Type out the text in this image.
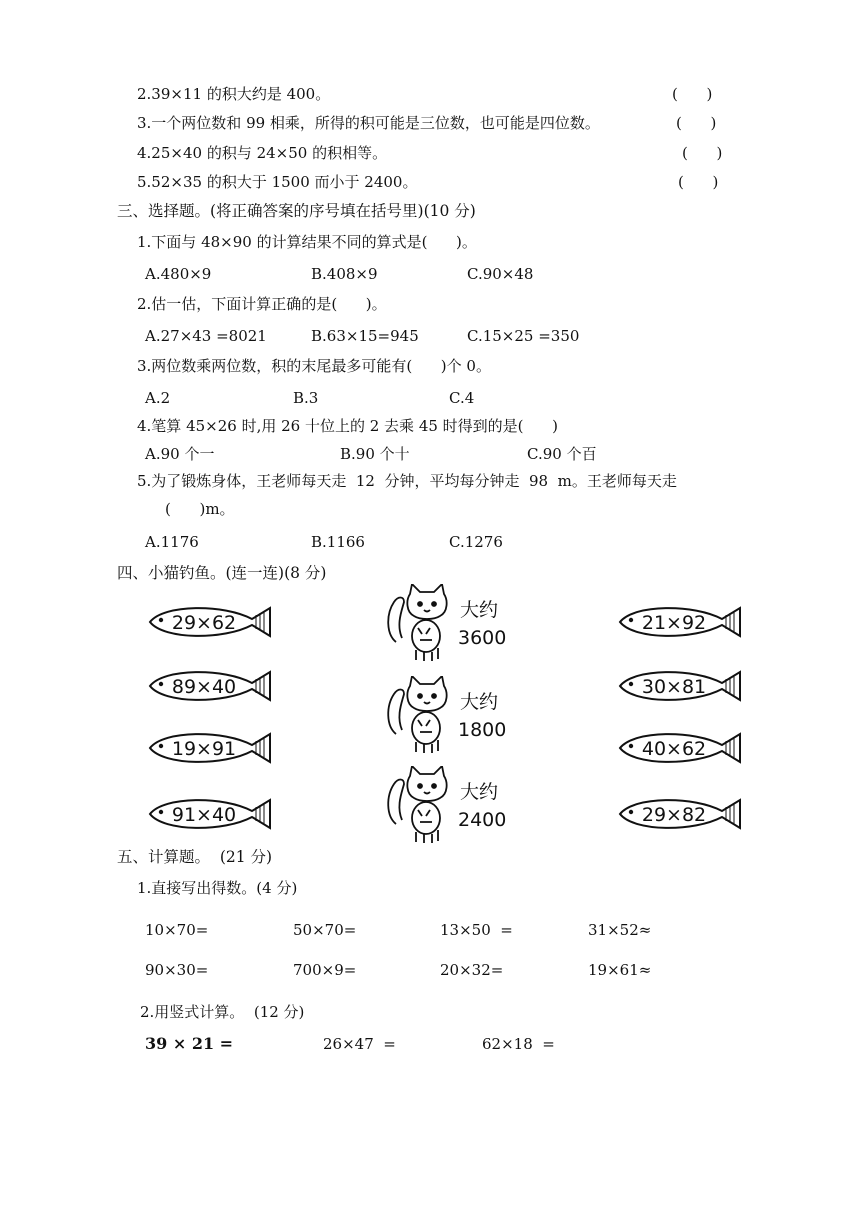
2.39×11 的积大约是 400。	(      )
3.一个两位数和 99 相乘，所得的积可能是三位数，也可能是四位数。	(      )
4.25×40 的积与 24×50 的积相等。	(      )
5.52×35 的积大于 1500 而小于 2400。	(      )
三、选择题。(将正确答案的序号填在括号里)(10 分)
1.下面与 48×90 的计算结果不同的算式是(      )。
A.480×9	B.408×9	C.90×48
2.估一估，下面计算正确的是(      )。
A.27×43 =8021	B.63×15=945	C.15×25 =350
3.两位数乘两位数，积的末尾最多可能有(      )个 0。
A.2	B.3	C.4
4.笔算 45×26 时,用 26 十位上的 2 去乘 45 时得到的是(      )
A.90 个一	B.90 个十	C.90 个百
5.为了锻炼身体，王老师每天走  12  分钟，平均每分钟走  98  m。王老师每天走
(      )m。
A.1176	B.1166	C.1276
四、小猫钓鱼。(连一连)(8 分)
29×62
89×40
19×91
91×40
21×92
30×81
40×62
29×82
大约
3600
大约
1800
大约
2400
五、计算题。  (21 分)
1.直接写出得数。(4 分)
10×70=	50×70=	13×50  =	31×52≈
90×30=	700×9=	20×32=	19×61≈
2.用竖式计算。  (12 分)
39 × 21 =	26×47  =	62×18  =
